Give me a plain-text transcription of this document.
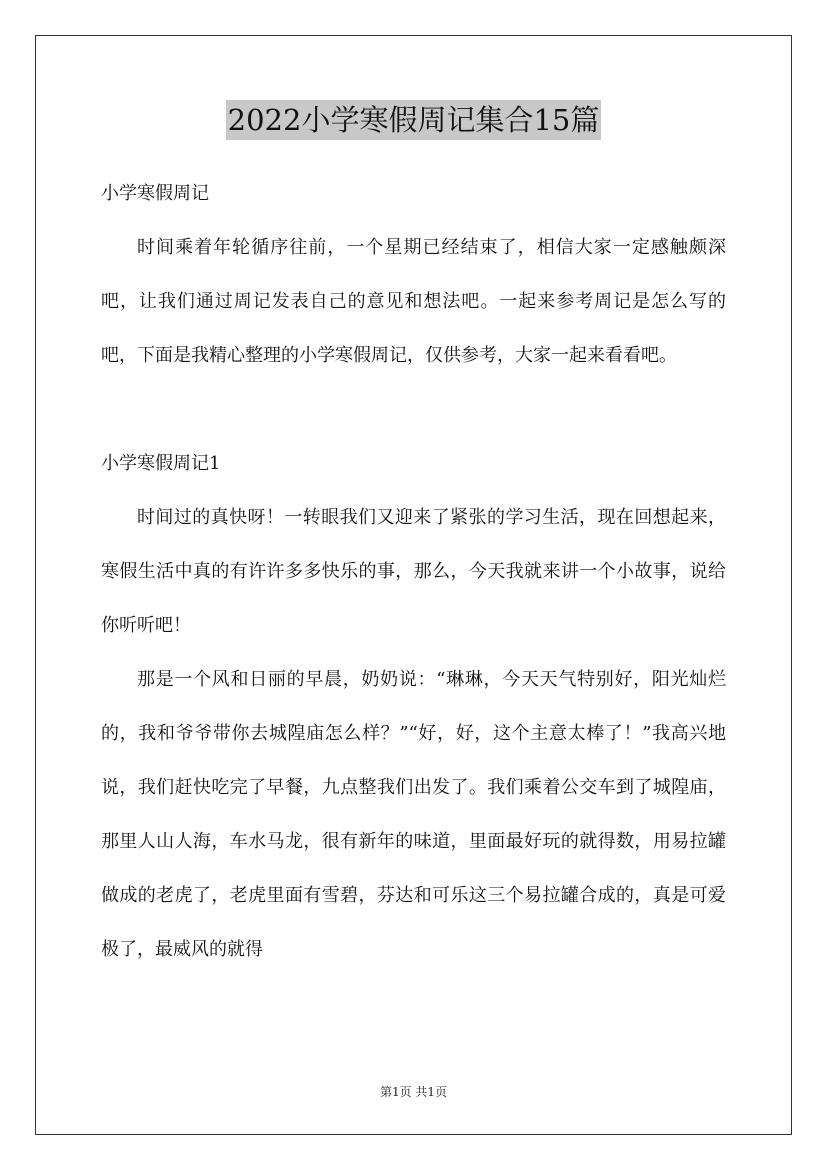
2022小学寒假周记集合15篇

小学寒假周记

时间乘着年轮循序往前，一个星期已经结束了，相信大家一定感触颇深吧，让我们通过周记发表自己的意见和想法吧。一起来参考周记是怎么写的吧，下面是我精心整理的小学寒假周记，仅供参考，大家一起来看看吧。

小学寒假周记1

时间过的真快呀！一转眼我们又迎来了紧张的学习生活，现在回想起来，寒假生活中真的有许许多多快乐的事，那么，今天我就来讲一个小故事，说给你听听吧！

那是一个风和日丽的早晨，奶奶说：“琳琳，今天天气特别好，阳光灿烂的，我和爷爷带你去城隍庙怎么样？”“好，好，这个主意太棒了！”我高兴地说，我们赶快吃完了早餐，九点整我们出发了。我们乘着公交车到了城隍庙，那里人山人海，车水马龙，很有新年的味道，里面最好玩的就得数，用易拉罐做成的老虎了，老虎里面有雪碧，芬达和可乐这三个易拉罐合成的，真是可爱极了，最威风的就得

第1页 共1页
